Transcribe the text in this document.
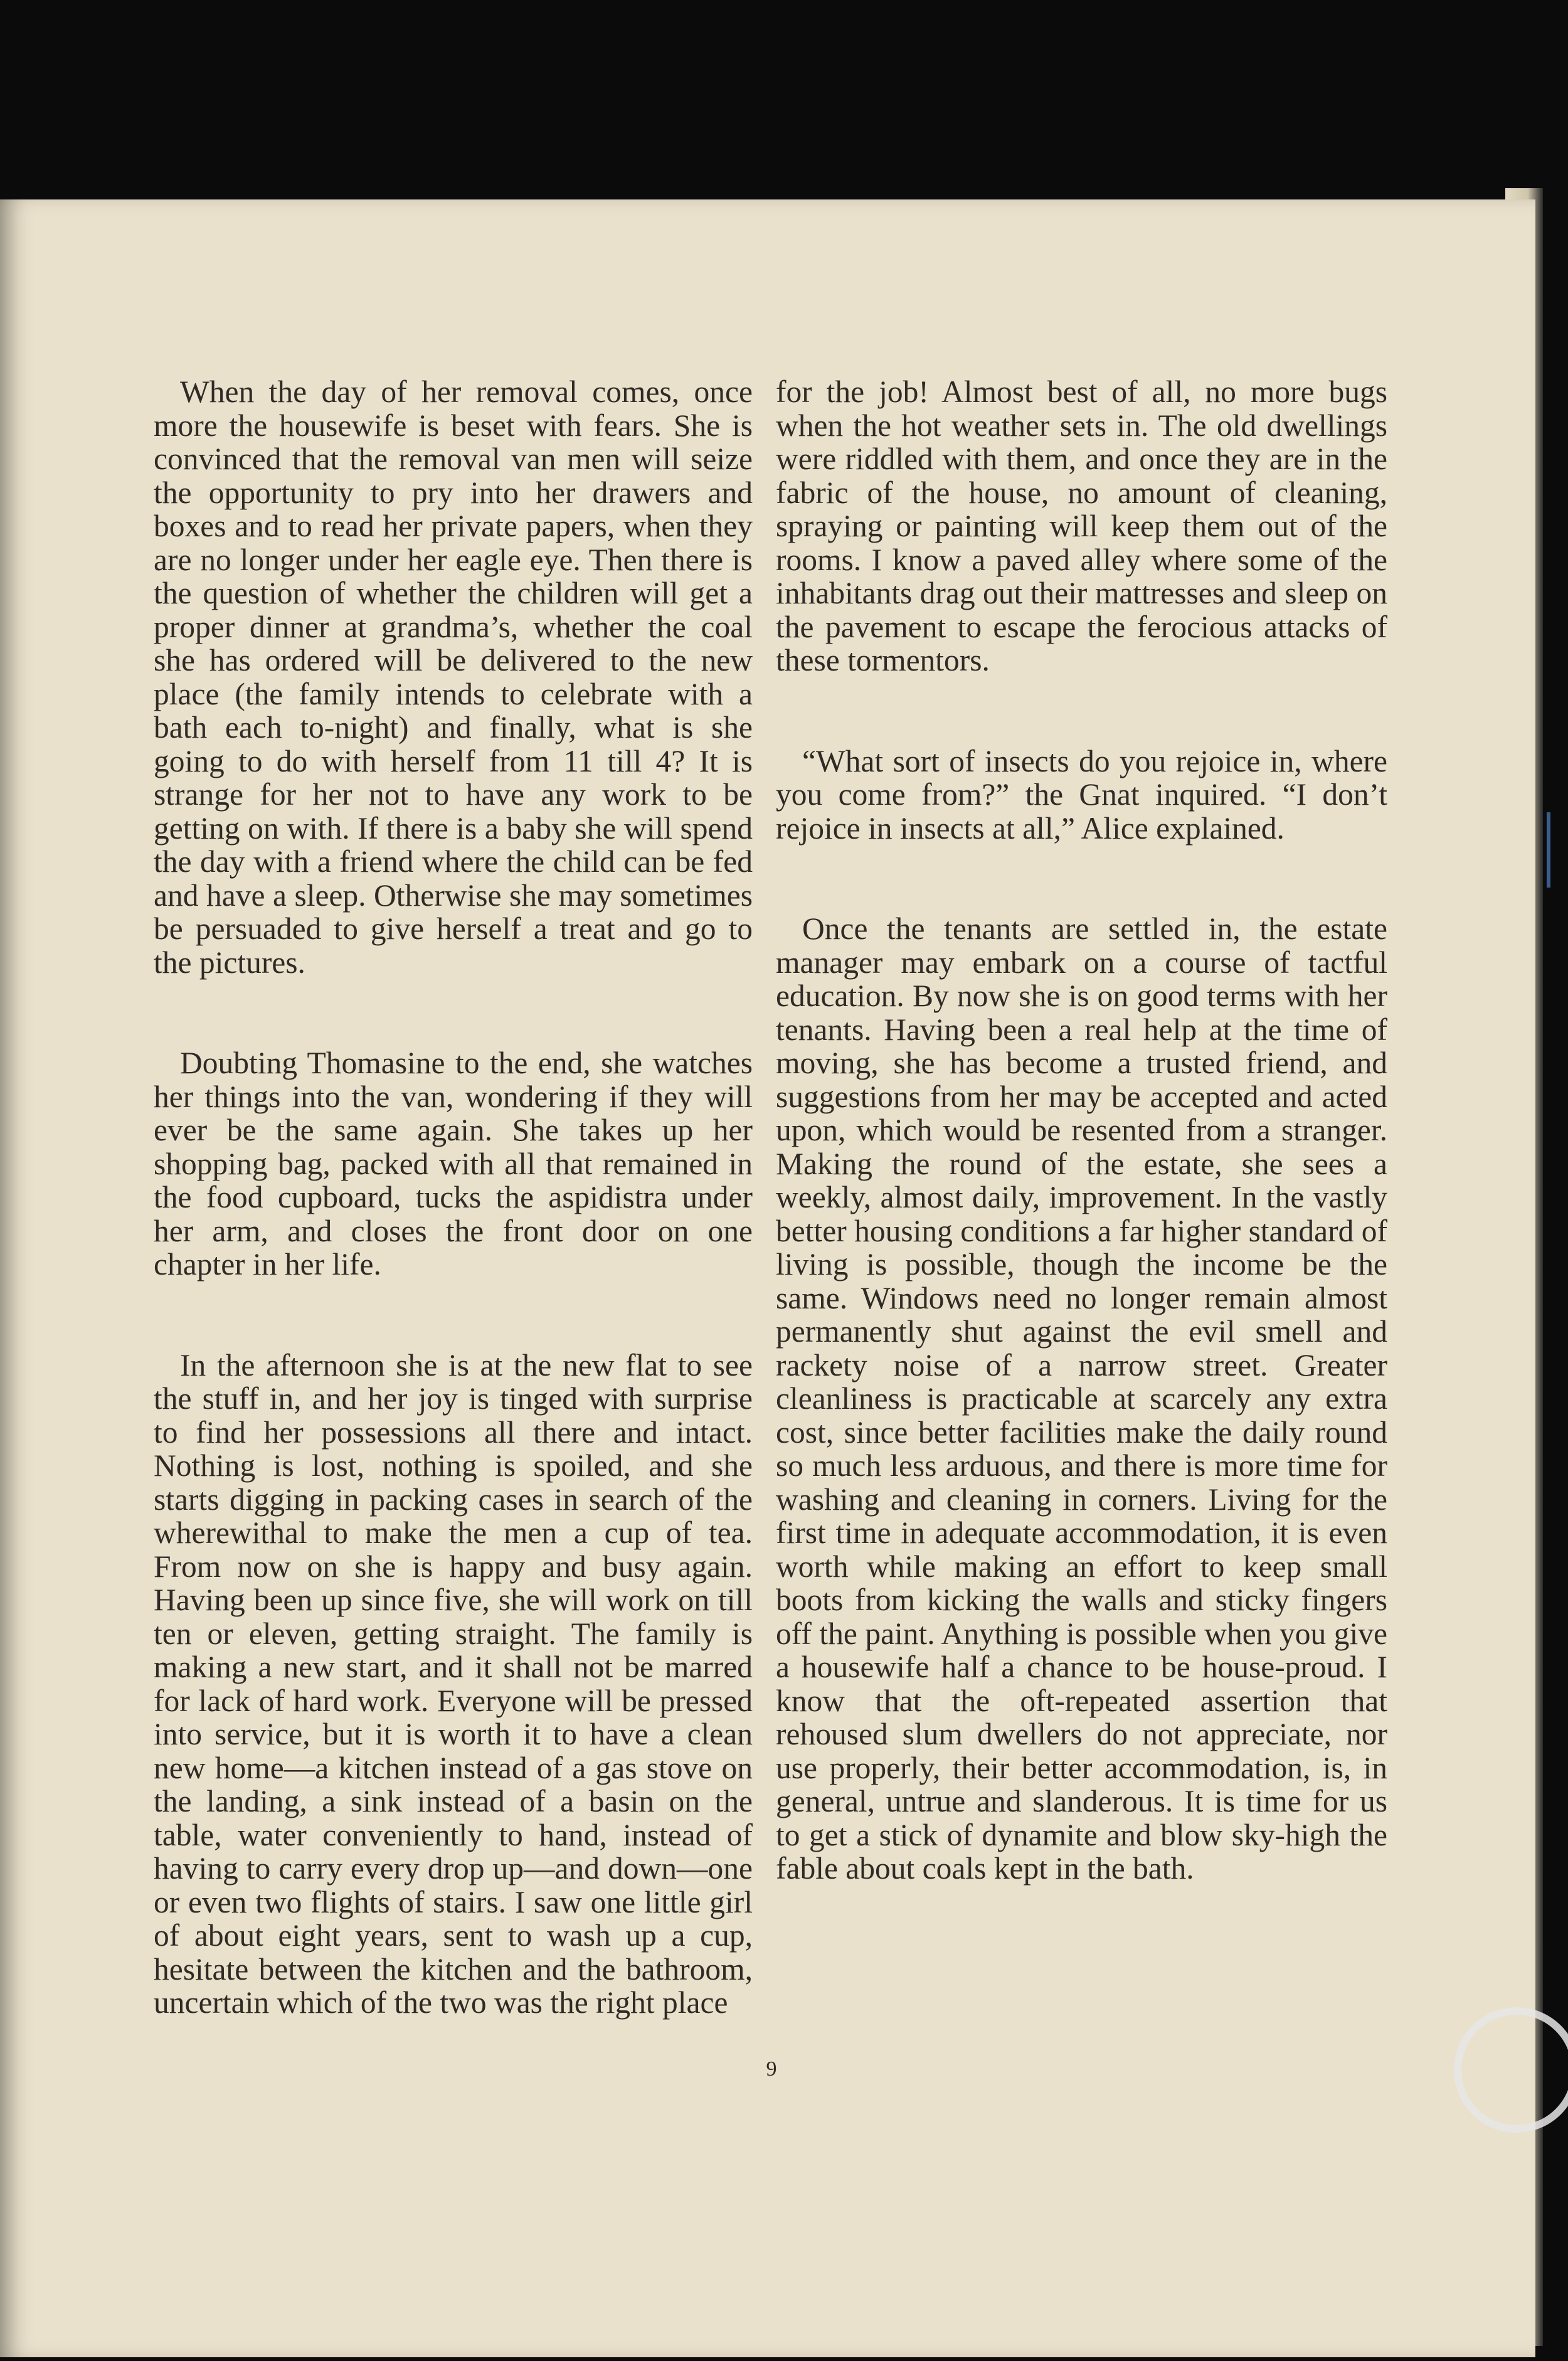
When the day of her removal comes, once more the housewife is beset with fears. She is convinced that the removal van men will seize the opportunity to pry into her drawers and boxes and to read her private papers, when they are no longer under her eagle eye. Then there is the question of whether the children will get a proper dinner at grandma’s, whether the coal she has ordered will be delivered to the new place (the family intends to celebrate with a bath each to-night) and finally, what is she going to do with herself from 11 till 4? It is strange for her not to have any work to be getting on with. If there is a baby she will spend the day with a friend where the child can be fed and have a sleep. Otherwise she may sometimes be persuaded to give herself a treat and go to the pictures.

Doubting Thomasine to the end, she watches her things into the van, wondering if they will ever be the same again. She takes up her shopping bag, packed with all that remained in the food cupboard, tucks the aspidistra under her arm, and closes the front door on one chapter in her life.

In the afternoon she is at the new flat to see the stuff in, and her joy is tinged with surprise to find her possessions all there and intact. Nothing is lost, nothing is spoiled, and she starts digging in packing cases in search of the wherewithal to make the men a cup of tea. From now on she is happy and busy again. Having been up since five, she will work on till ten or eleven, getting straight. The family is making a new start, and it shall not be marred for lack of hard work. Everyone will be pressed into service, but it is worth it to have a clean new home—a kitchen instead of a gas stove on the landing, a sink instead of a basin on the table, water conveniently to hand, instead of having to carry every drop up—and down—one or even two flights of stairs. I saw one little girl of about eight years, sent to wash up a cup, hesitate between the kitchen and the bathroom, uncertain which of the two was the right place

for the job! Almost best of all, no more bugs when the hot weather sets in. The old dwellings were riddled with them, and once they are in the fabric of the house, no amount of cleaning, spraying or painting will keep them out of the rooms. I know a paved alley where some of the inhabitants drag out their mattresses and sleep on the pavement to escape the ferocious attacks of these tormentors.

“What sort of insects do you rejoice in, where you come from?” the Gnat inquired. “I don’t rejoice in insects at all,” Alice explained.

Once the tenants are settled in, the estate manager may embark on a course of tactful education. By now she is on good terms with her tenants. Having been a real help at the time of moving, she has become a trusted friend, and suggestions from her may be accepted and acted upon, which would be resented from a stranger. Making the round of the estate, she sees a weekly, almost daily, improvement. In the vastly better housing conditions a far higher standard of living is possible, though the income be the same. Windows need no longer remain almost permanently shut against the evil smell and rackety noise of a narrow street. Greater cleanliness is practicable at scarcely any extra cost, since better facilities make the daily round so much less arduous, and there is more time for washing and cleaning in corners. Living for the first time in adequate accommodation, it is even worth while making an effort to keep small boots from kicking the walls and sticky fingers off the paint. Anything is possible when you give a housewife half a chance to be house-proud. I know that the oft-repeated assertion that rehoused slum dwellers do not appreciate, nor use properly, their better accommodation, is, in general, untrue and slanderous. It is time for us to get a stick of dynamite and blow sky-high the fable about coals kept in the bath.

9
